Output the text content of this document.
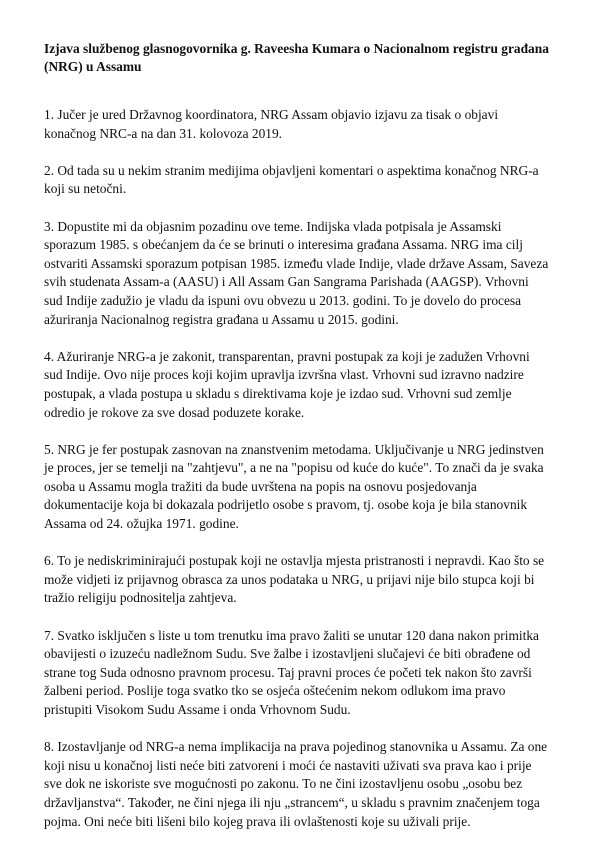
Izjava službenog glasnogovornika g. Raveesha Kumara o Nacionalnom registru građana
(NRG) u Assamu
1. Jučer je ured Državnog koordinatora, NRG Assam objavio izjavu za tisak o objavi
konačnog NRC-a na dan 31. kolovoza 2019.
2. Od tada su u nekim stranim medijima objavljeni komentari o aspektima konačnog NRG-a
koji su netočni.
3. Dopustite mi da objasnim pozadinu ove teme. Indijska vlada potpisala je Assamski
sporazum 1985. s obećanjem da će se brinuti o interesima građana Assama. NRG ima cilj
ostvariti Assamski sporazum potpisan 1985. između vlade Indije, vlade države Assam, Saveza
svih studenata Assam-a (AASU) i All Assam Gan Sangrama Parishada (AAGSP). Vrhovni
sud Indije zadužio je vladu da ispuni ovu obvezu u 2013. godini. To je dovelo do procesa
ažuriranja Nacionalnog registra građana u Assamu u 2015. godini.
4. Ažuriranje NRG-a je zakonit, transparentan, pravni postupak za koji je zadužen Vrhovni
sud Indije. Ovo nije proces koji kojim upravlja izvršna vlast. Vrhovni sud izravno nadzire
postupak, a vlada postupa u skladu s direktivama koje je izdao sud. Vrhovni sud zemlje
odredio je rokove za sve dosad poduzete korake.
5. NRG je fer postupak zasnovan na znanstvenim metodama. Uključivanje u NRG jedinstven
je proces, jer se temelji na "zahtjevu", a ne na "popisu od kuće do kuće". To znači da je svaka
osoba u Assamu mogla tražiti da bude uvrštena na popis na osnovu posjedovanja
dokumentacije koja bi dokazala podrijetlo osobe s pravom, tj. osobe koja je bila stanovnik
Assama od 24. ožujka 1971. godine.
6. To je nediskriminirajući postupak koji ne ostavlja mjesta pristranosti i nepravdi. Kao što se
može vidjeti iz prijavnog obrasca za unos podataka u NRG, u prijavi nije bilo stupca koji bi
tražio religiju podnositelja zahtjeva.
7. Svatko isključen s liste u tom trenutku ima pravo žaliti se unutar 120 dana nakon primitka
obavijesti o izuzeću nadležnom Sudu. Sve žalbe i izostavljeni slučajevi će biti obrađene od
strane tog Suda odnosno pravnom procesu. Taj pravni proces će početi tek nakon što završi
žalbeni period. Poslije toga svatko tko se osjeća oštećenim nekom odlukom ima pravo
pristupiti Visokom Sudu Assame i onda Vrhovnom Sudu.
8. Izostavljanje od NRG-a nema implikacija na prava pojedinog stanovnika u Assamu. Za one
koji nisu u konačnoj listi neće biti zatvoreni i moći će nastaviti uživati sva prava kao i prije
sve dok ne iskoriste sve mogućnosti po zakonu. To ne čini izostavljenu osobu „osobu bez
državljanstva“. Također, ne čini njega ili nju „strancem“, u skladu s pravnim značenjem toga
pojma. Oni neće biti lišeni bilo kojeg prava ili ovlaštenosti koje su uživali prije.
